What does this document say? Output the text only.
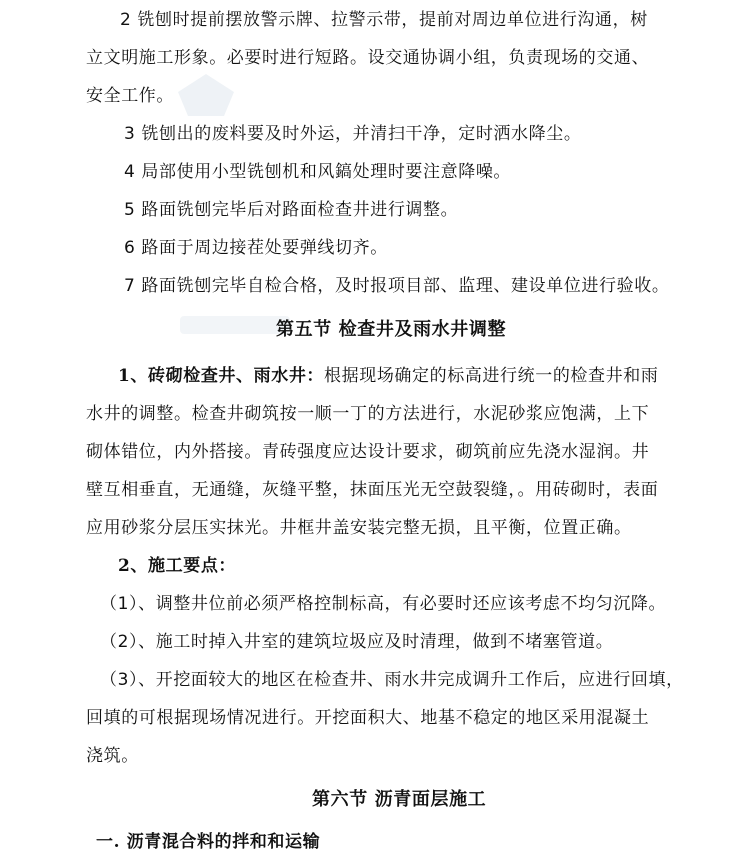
2 铣刨时提前摆放警示牌、拉警示带，提前对周边单位进行沟通，树
立文明施工形象。必要时进行短路。设交通协调小组，负责现场的交通、
安全工作。
3 铣刨出的废料要及时外运，并清扫干净，定时洒水降尘。
4 局部使用小型铣刨机和风鎬处理时要注意降噪。
5 路面铣刨完毕后对路面检查井进行调整。
6 路面于周边接茬处要弹线切齐。
7 路面铣刨完毕自检合格，及时报项目部、监理、建设单位进行验收。
第五节 检查井及雨水井调整
1、砖砌检查井、雨水井：根据现场确定的标高进行统一的检查井和雨
水井的调整。检查井砌筑按一顺一丁的方法进行，水泥砂浆应饱满，上下
砌体错位，内外搭接。青砖强度应达设计要求，砌筑前应先浇水湿润。井
壁互相垂直，无通缝，灰缝平整，抹面压光无空鼓裂缝，。用砖砌时，表面
应用砂浆分层压实抹光。井框井盖安装完整无损，且平衡，位置正确。
2、施工要点：
（1）、调整井位前必须严格控制标高，有必要时还应该考虑不均匀沉降。
（2）、施工时掉入井室的建筑垃圾应及时清理，做到不堵塞管道。
（3）、开挖面较大的地区在检查井、雨水井完成调升工作后，应进行回填，
回填的可根据现场情况进行。开挖面积大、地基不稳定的地区采用混凝土
浇筑。
第六节 沥青面层施工
一. 沥青混合料的拌和和运输
